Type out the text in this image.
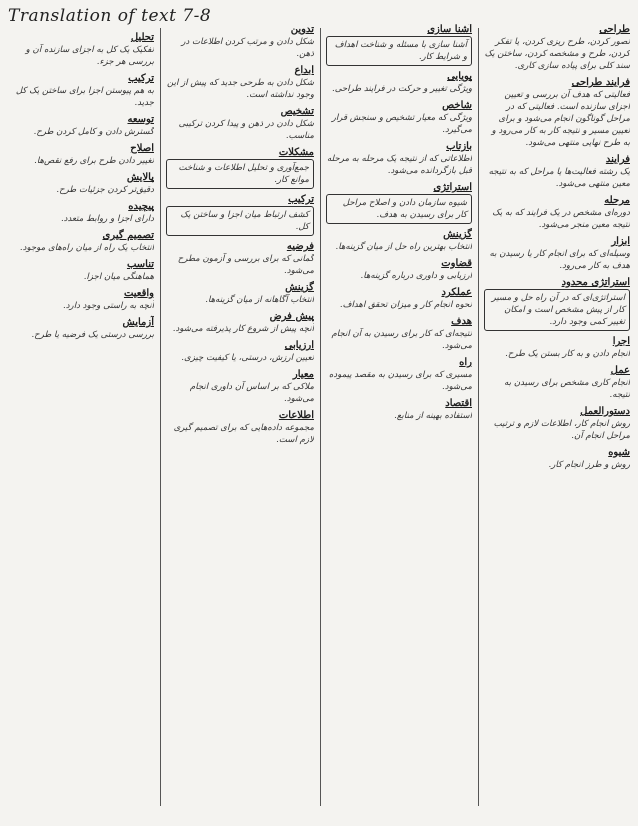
Translation of text 7-8
طراحی
تصور کردن، طرح ریزی کردن، یا تفکر کردن، طرح و مشخصه کردن، ساختن یک سند کلی برای پیاده سازی کاری.
فرایند طراحی
فعالیتی که هدف آن بررسی و تعیین اجزای سازنده است. فعالیتی که در مراحل گوناگون انجام می‌شود و برای تعیین مسیر و نتیجه کار به کار می‌رود و به طرح نهایی منتهی می‌شود.
فرایند
یک رشته فعالیت‌ها یا مراحل که به نتیجه معین منتهی می‌شود.
مرحله
دوره‌ای مشخص در یک فرایند که به یک نتیجه معین منجر می‌شود.
ابزار
وسیله‌ای که برای انجام کار یا رسیدن به هدف به کار می‌رود.
استراتژی محدود
استراتژی‌ای که در آن راه حل و مسیر کار از پیش مشخص است و امکان تغییر کمی وجود دارد.
اجرا
انجام دادن و به کار بستن یک طرح.
عمل
انجام کاری مشخص برای رسیدن به نتیجه.
دستورالعمل
روش انجام کار، اطلاعات لازم و ترتیب مراحل انجام آن.
شیوه
روش و طرز انجام کار.
آشنا سازی
آشنا سازی با مسئله و شناخت اهداف و شرایط کار.
پویایی
ویژگی تغییر و حرکت در فرایند طراحی.
شاخص
ویژگی که معیار تشخیص و سنجش قرار می‌گیرد.
بازتاب
اطلاعاتی که از نتیجه یک مرحله به مرحله قبل بازگردانده می‌شود.
استراتژی
شیوه سازمان دادن و اصلاح مراحل کار برای رسیدن به هدف.
گزینش
انتخاب بهترین راه حل از میان گزینه‌ها.
قضاوت
ارزیابی و داوری درباره گزینه‌ها.
عملکرد
نحوه انجام کار و میزان تحقق اهداف.
هدف
نتیجه‌ای که کار برای رسیدن به آن انجام می‌شود.
راه
مسیری که برای رسیدن به مقصد پیموده می‌شود.
اقتصاد
استفاده بهینه از منابع.
تدوین
شکل دادن و مرتب کردن اطلاعات در ذهن.
ابداع
شکل دادن به طرحی جدید که پیش از این وجود نداشته است.
تشخیص
شکل دادن در ذهن و پیدا کردن ترکیبی مناسب.
مشکلات
جمع‌آوری و تحلیل اطلاعات و شناخت موانع کار.
ترکیب
کشف ارتباط میان اجزا و ساختن یک کل.
فرضیه
گمانی که برای بررسی و آزمون مطرح می‌شود.
گزینش
انتخاب آگاهانه از میان گزینه‌ها.
پیش فرض
آنچه پیش از شروع کار پذیرفته می‌شود.
ارزیابی
تعیین ارزش، درستی، یا کیفیت چیزی.
معیار
ملاکی که بر اساس آن داوری انجام می‌شود.
اطلاعات
مجموعه داده‌هایی که برای تصمیم گیری لازم است.
تحلیل
تفکیک یک کل به اجزای سازنده آن و بررسی هر جزء.
ترکیب
به هم پیوستن اجزا برای ساختن یک کل جدید.
توسعه
گسترش دادن و کامل کردن طرح.
اصلاح
تغییر دادن طرح برای رفع نقص‌ها.
پالایش
دقیق‌تر کردن جزئیات طرح.
پیچیده
دارای اجزا و روابط متعدد.
تصمیم گیری
انتخاب یک راه از میان راه‌های موجود.
تناسب
هماهنگی میان اجزا.
واقعیت
آنچه به راستی وجود دارد.
آزمایش
بررسی درستی یک فرضیه یا طرح.
